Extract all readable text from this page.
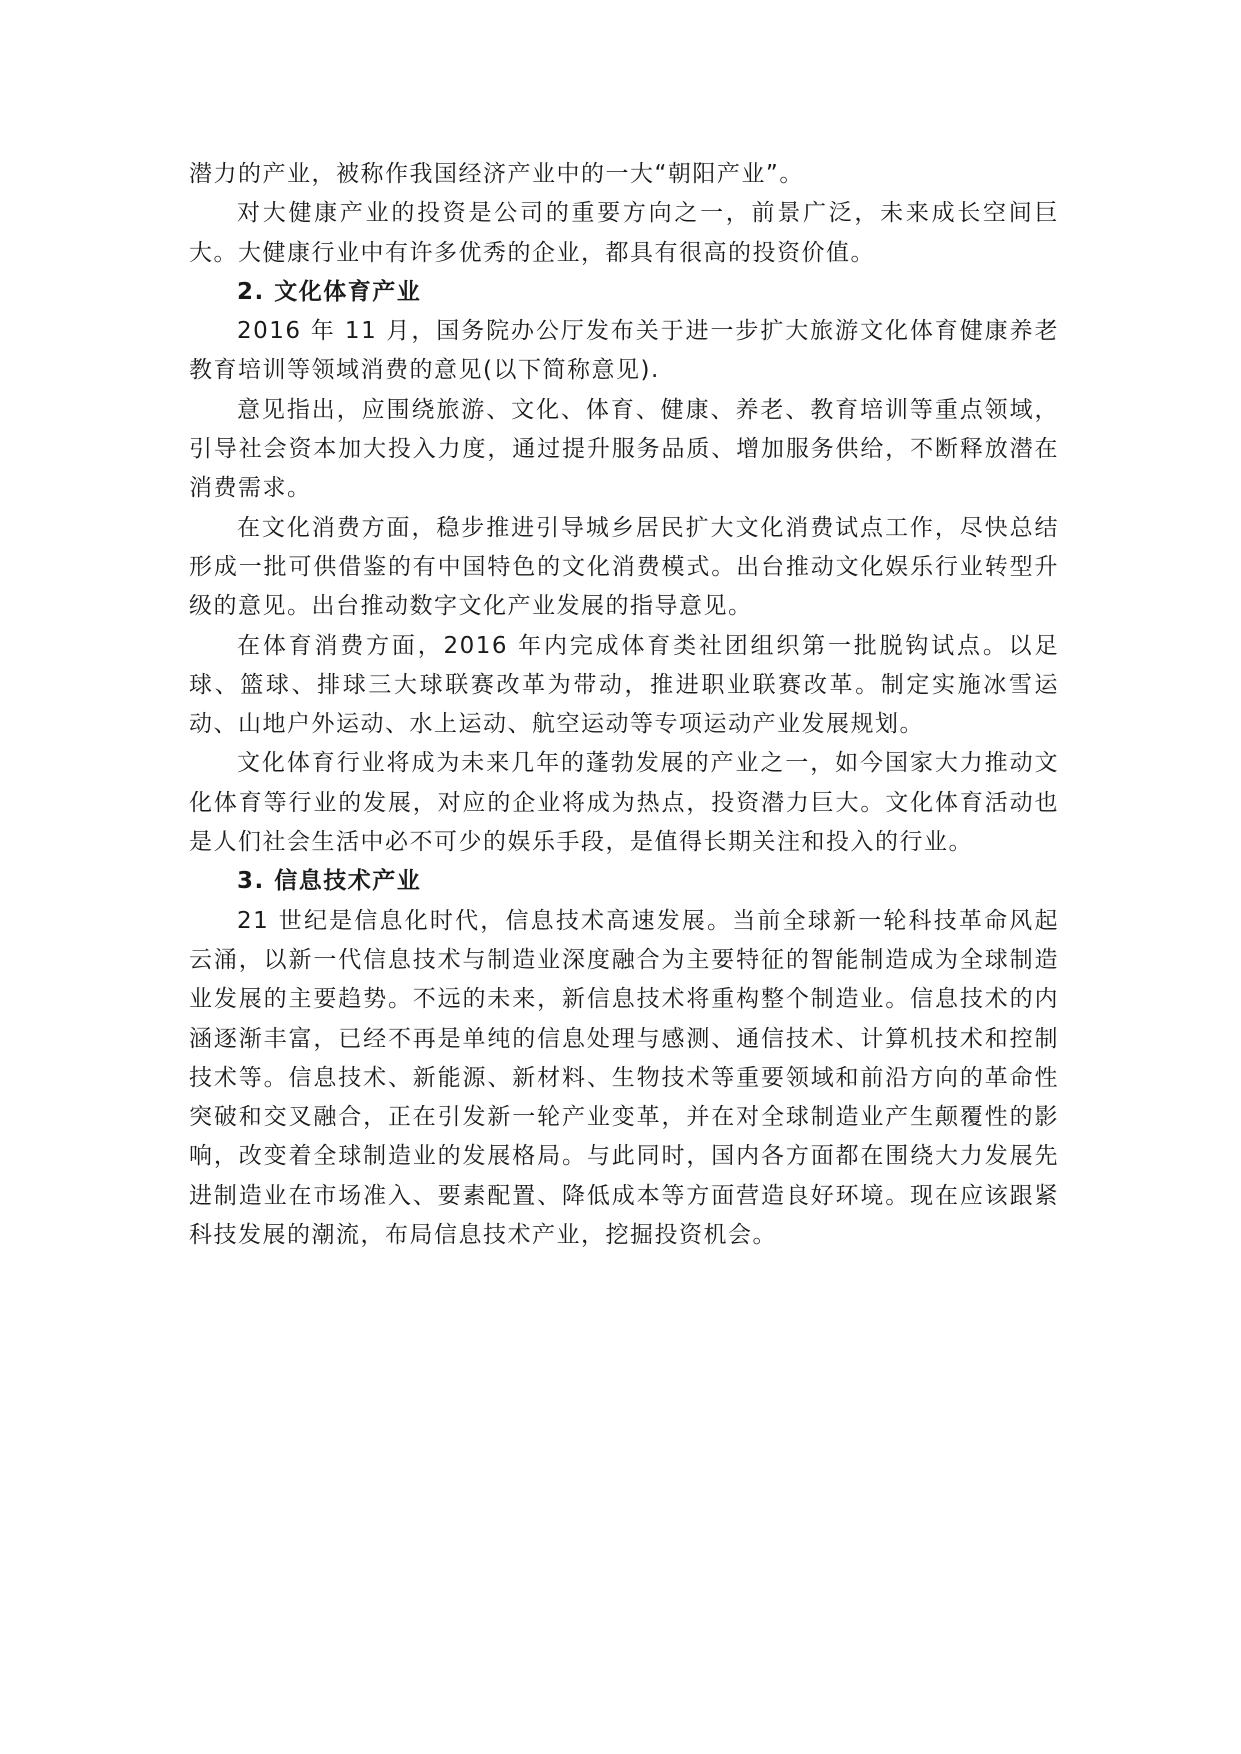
潜力的产业，被称作我国经济产业中的一大“朝阳产业”。

对大健康产业的投资是公司的重要方向之一，前景广泛，未来成长空间巨大。大健康行业中有许多优秀的企业，都具有很高的投资价值。

2. 文化体育产业

2016 年 11 月，国务院办公厅发布关于进一步扩大旅游文化体育健康养老教育培训等领域消费的意见(以下简称意见).

意见指出，应围绕旅游、文化、体育、健康、养老、教育培训等重点领域，引导社会资本加大投入力度，通过提升服务品质、增加服务供给，不断释放潜在消费需求。

在文化消费方面，稳步推进引导城乡居民扩大文化消费试点工作，尽快总结形成一批可供借鉴的有中国特色的文化消费模式。出台推动文化娱乐行业转型升级的意见。出台推动数字文化产业发展的指导意见。

在体育消费方面，2016 年内完成体育类社团组织第一批脱钩试点。以足球、篮球、排球三大球联赛改革为带动，推进职业联赛改革。制定实施冰雪运动、山地户外运动、水上运动、航空运动等专项运动产业发展规划。

文化体育行业将成为未来几年的蓬勃发展的产业之一，如今国家大力推动文化体育等行业的发展，对应的企业将成为热点，投资潜力巨大。文化体育活动也是人们社会生活中必不可少的娱乐手段，是值得长期关注和投入的行业。

3. 信息技术产业

21 世纪是信息化时代，信息技术高速发展。当前全球新一轮科技革命风起云涌，以新一代信息技术与制造业深度融合为主要特征的智能制造成为全球制造业发展的主要趋势。不远的未来，新信息技术将重构整个制造业。信息技术的内涵逐渐丰富，已经不再是单纯的信息处理与感测、通信技术、计算机技术和控制技术等。信息技术、新能源、新材料、生物技术等重要领域和前沿方向的革命性突破和交叉融合，正在引发新一轮产业变革，并在对全球制造业产生颠覆性的影响，改变着全球制造业的发展格局。与此同时，国内各方面都在围绕大力发展先进制造业在市场准入、要素配置、降低成本等方面营造良好环境。现在应该跟紧科技发展的潮流，布局信息技术产业，挖掘投资机会。
